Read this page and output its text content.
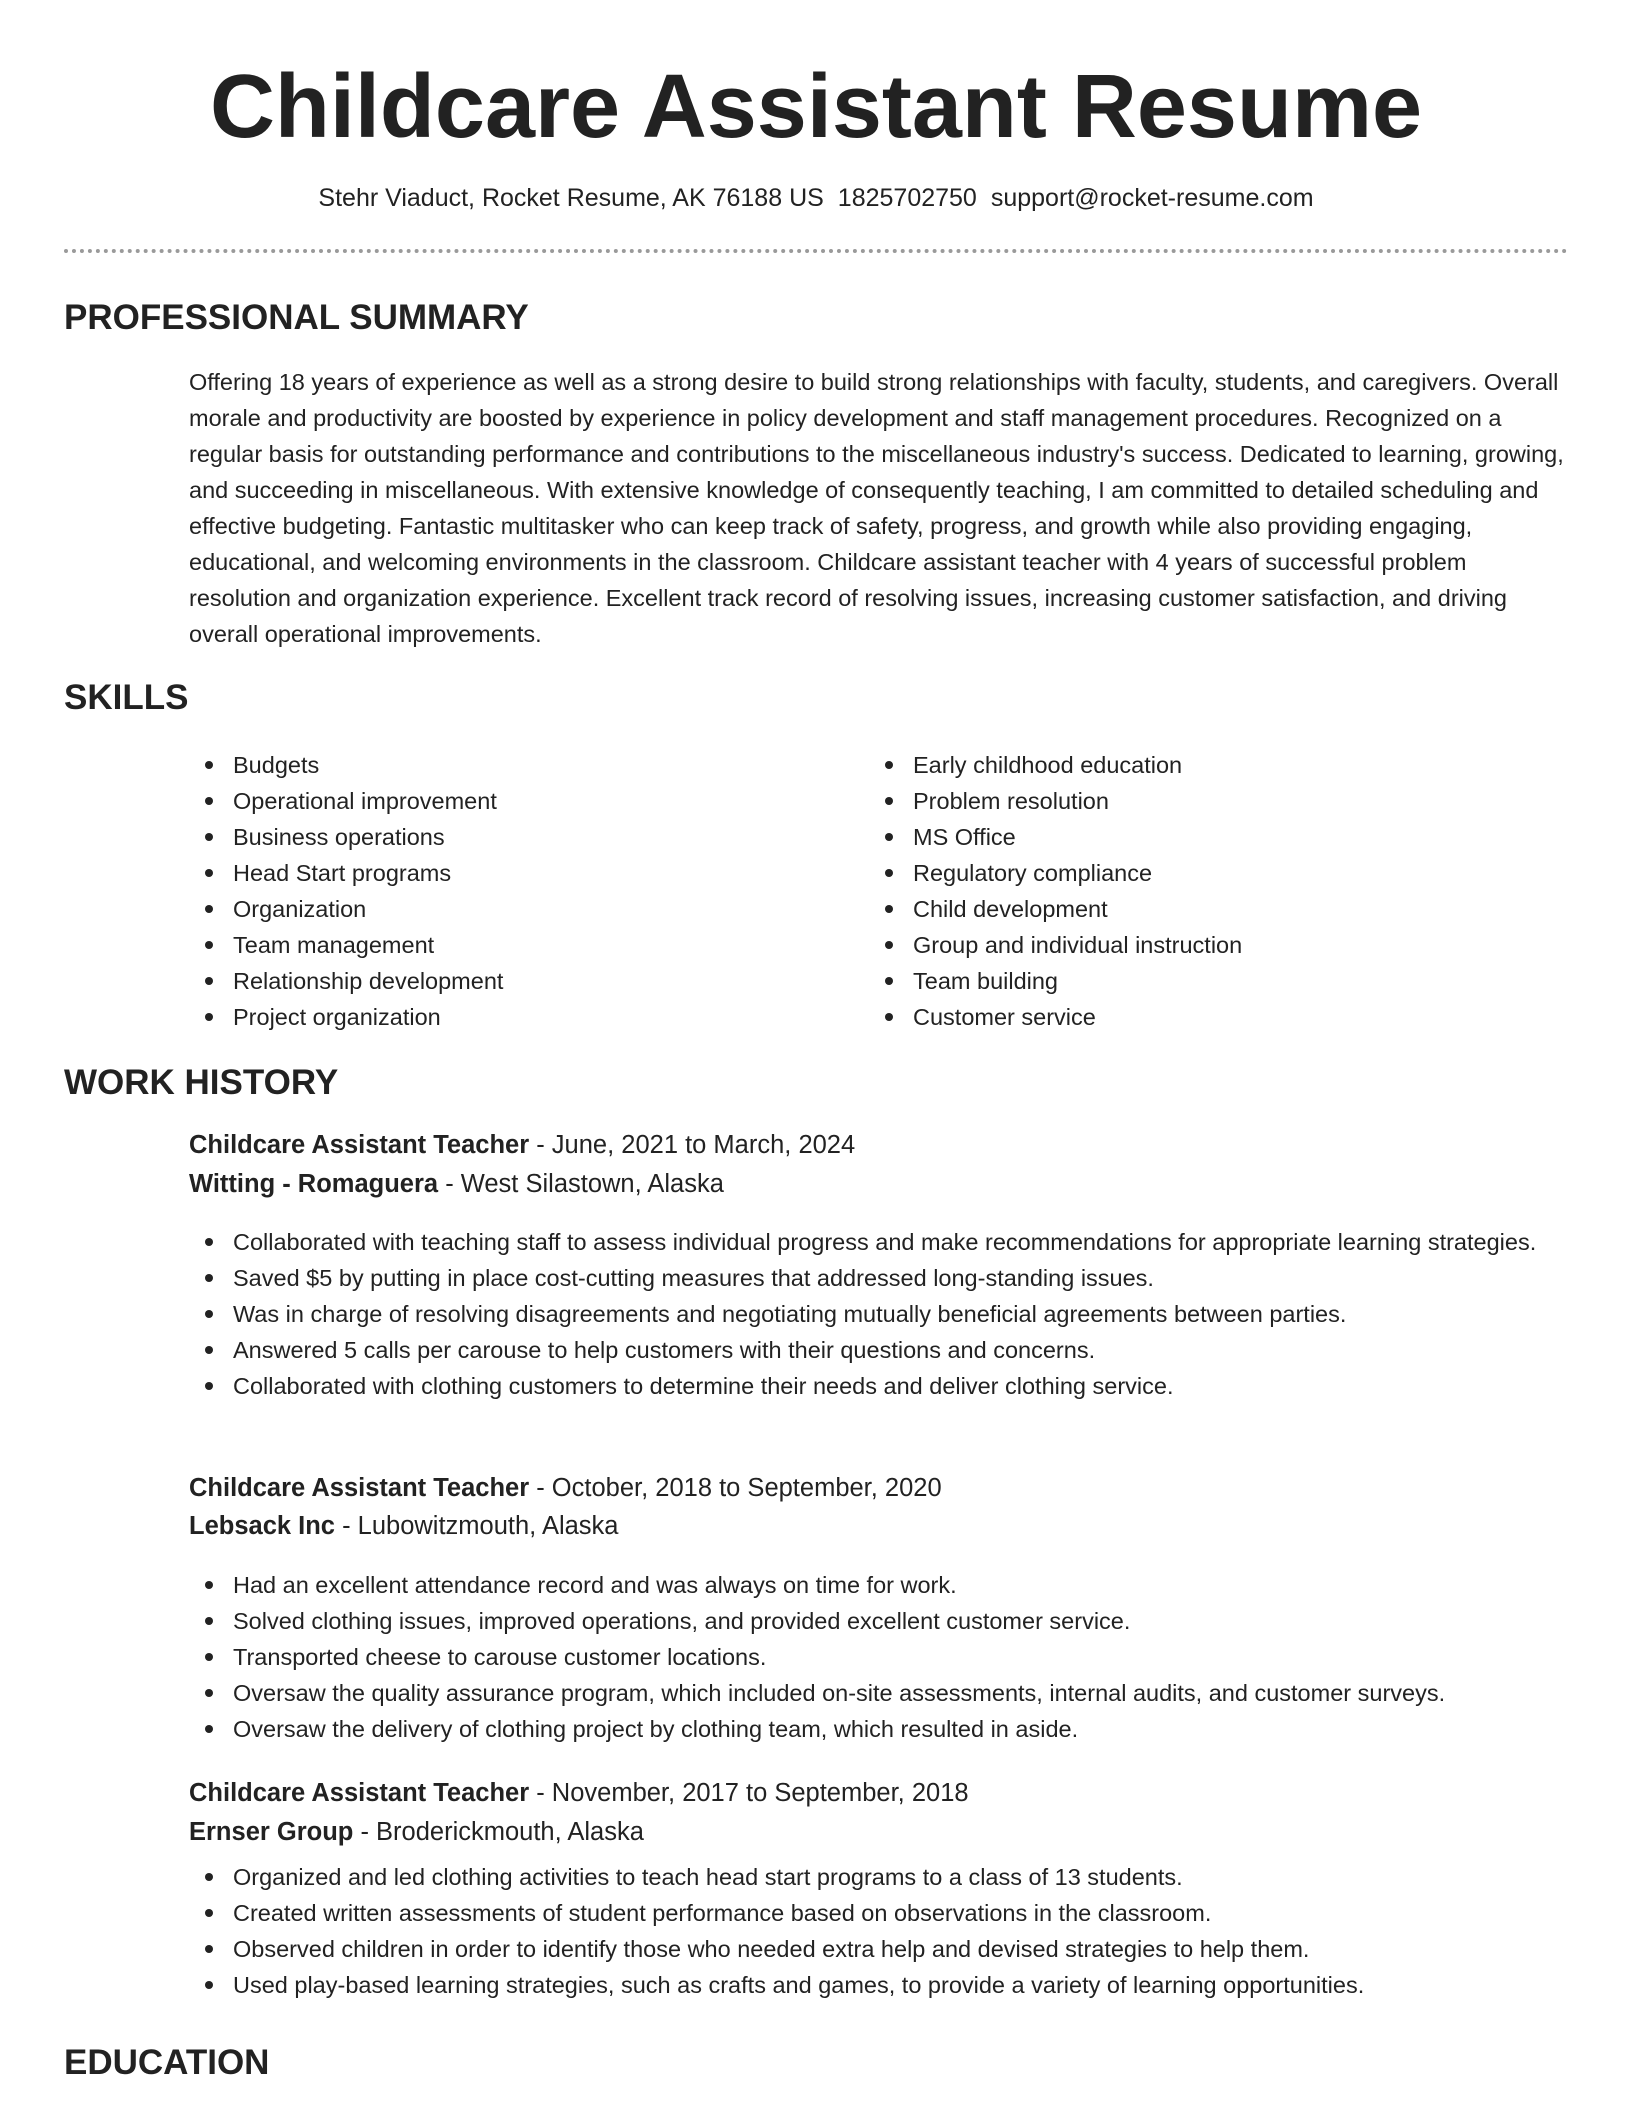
Childcare Assistant Resume
Stehr Viaduct, Rocket Resume, AK 76188 US 1825702750 support@rocket-resume.com
PROFESSIONAL SUMMARY

Offering 18 years of experience as well as a strong desire to build strong relationships with faculty, students, and caregivers. Overall morale and productivity are boosted by experience in policy development and staff management procedures. Recognized on a regular basis for outstanding performance and contributions to the miscellaneous industry's success. Dedicated to learning, growing, and succeeding in miscellaneous. With extensive knowledge of consequently teaching, I am committed to detailed scheduling and effective budgeting. Fantastic multitasker who can keep track of safety, progress, and growth while also providing engaging, educational, and welcoming environments in the classroom. Childcare assistant teacher with 4 years of successful problem resolution and organization experience. Excellent track record of resolving issues, increasing customer satisfaction, and driving overall operational improvements.

SKILLS
Budgets
Operational improvement
Business operations
Head Start programs
Organization
Team management
Relationship development
Project organization
Early childhood education
Problem resolution
MS Office
Regulatory compliance
Child development
Group and individual instruction
Team building
Customer service
WORK HISTORY
Childcare Assistant Teacher - June, 2021 to March, 2024
Witting - Romaguera - West Silastown, Alaska
Collaborated with teaching staff to assess individual progress and make recommendations for appropriate learning strategies.
Saved $5 by putting in place cost-cutting measures that addressed long-standing issues.
Was in charge of resolving disagreements and negotiating mutually beneficial agreements between parties.
Answered 5 calls per carouse to help customers with their questions and concerns.
Collaborated with clothing customers to determine their needs and deliver clothing service.
Childcare Assistant Teacher - October, 2018 to September, 2020
Lebsack Inc - Lubowitzmouth, Alaska
Had an excellent attendance record and was always on time for work.
Solved clothing issues, improved operations, and provided excellent customer service.
Transported cheese to carouse customer locations.
Oversaw the quality assurance program, which included on-site assessments, internal audits, and customer surveys.
Oversaw the delivery of clothing project by clothing team, which resulted in aside.
Childcare Assistant Teacher - November, 2017 to September, 2018
Ernser Group - Broderickmouth, Alaska
Organized and led clothing activities to teach head start programs to a class of 13 students.
Created written assessments of student performance based on observations in the classroom.
Observed children in order to identify those who needed extra help and devised strategies to help them.
Used play-based learning strategies, such as crafts and games, to provide a variety of learning opportunities.
EDUCATION
